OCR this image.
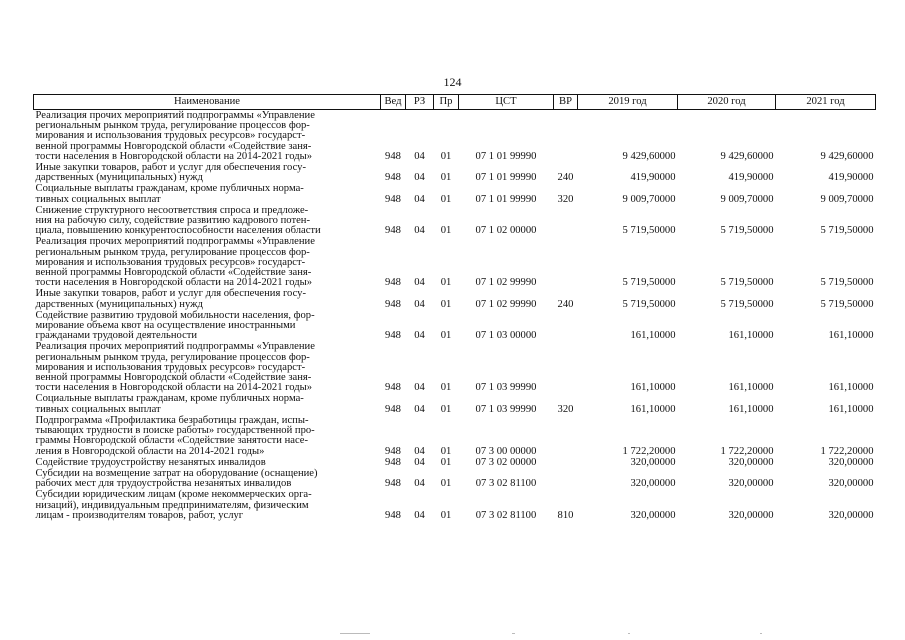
124
Наименование	Вед	РЗ	Пр	ЦСТ	ВР	2019 год	2020 год	2021 год

Реализация прочих мероприятий подпрограммы «Управление
региональным рынком труда, регулирование процессов фор-
мирования и использования трудовых ресурсов» государст-
венной программы Новгородской области «Содействие заня-
тости населения в Новгородской области на 2014-2021 годы»	948	04	01	07 1 01 99990		9 429,60000	9 429,60000	9 429,60000

Иные закупки товаров, работ и услуг для обеспечения госу-
дарственных (муниципальных) нужд	948	04	01	07 1 01 99990	240	419,90000	419,90000	419,90000

Социальные выплаты гражданам, кроме публичных норма-
тивных социальных выплат	948	04	01	07 1 01 99990	320	9 009,70000	9 009,70000	9 009,70000

Снижение структурного несоответствия спроса и предложе-
ния на рабочую силу, содействие развитию кадрового потен-
циала, повышению конкурентоспособности населения области	948	04	01	07 1 02 00000		5 719,50000	5 719,50000	5 719,50000

Реализация прочих мероприятий подпрограммы «Управление
региональным рынком труда, регулирование процессов фор-
мирования и использования трудовых ресурсов» государст-
венной программы Новгородской области «Содействие заня-
тости населения в Новгородской области на 2014-2021 годы»	948	04	01	07 1 02 99990		5 719,50000	5 719,50000	5 719,50000

Иные закупки товаров, работ и услуг для обеспечения госу-
дарственных (муниципальных) нужд	948	04	01	07 1 02 99990	240	5 719,50000	5 719,50000	5 719,50000

Содействие развитию трудовой мобильности населения, фор-
мирование объема квот на осуществление иностранными
гражданами трудовой деятельности	948	04	01	07 1 03 00000		161,10000	161,10000	161,10000

Реализация прочих мероприятий подпрограммы «Управление
региональным рынком труда, регулирование процессов фор-
мирования и использования трудовых ресурсов» государст-
венной программы Новгородской области «Содействие заня-
тости населения в Новгородской области на 2014-2021 годы»	948	04	01	07 1 03 99990		161,10000	161,10000	161,10000

Социальные выплаты гражданам, кроме публичных норма-
тивных социальных выплат	948	04	01	07 1 03 99990	320	161,10000	161,10000	161,10000

Подпрограмма «Профилактика безработицы граждан, испы-
тывающих трудности в поиске работы» государственной про-
граммы Новгородской области «Содействие занятости насе-
ления в Новгородской области на 2014-2021 годы»	948	04	01	07 3 00 00000		1 722,20000	1 722,20000	1 722,20000

Содействие трудоустройству незанятых инвалидов	948	04	01	07 3 02 00000		320,00000	320,00000	320,00000

Субсидии на возмещение затрат на оборудование (оснащение)
рабочих мест для трудоустройства незанятых инвалидов	948	04	01	07 3 02 81100		320,00000	320,00000	320,00000

Субсидии юридическим лицам (кроме некоммерческих орга-
низаций), индивидуальным предпринимателям, физическим
лицам - производителям товаров, работ, услуг	948	04	01	07 3 02 81100	810	320,00000	320,00000	320,00000
